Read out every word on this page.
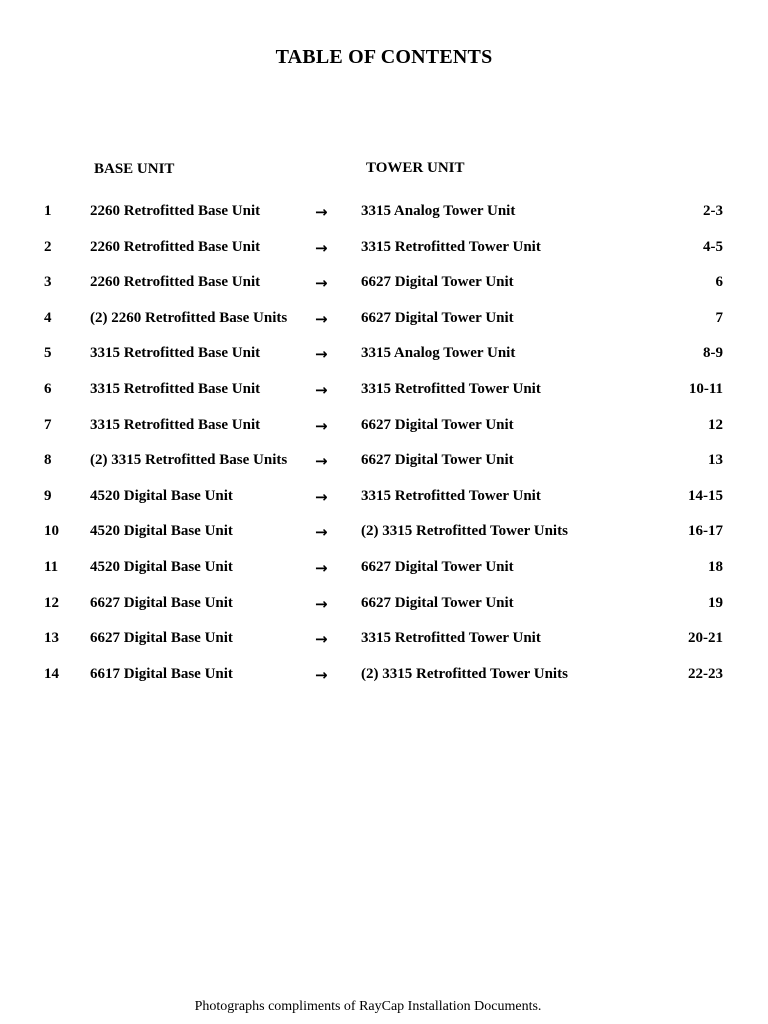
TABLE OF CONTENTS
BASE UNIT	TOWER UNIT
1	2260 Retrofitted Base Unit	→ 3315 Analog Tower Unit	2-3
2	2260 Retrofitted Base Unit	→ 3315 Retrofitted Tower Unit	4-5
3	2260 Retrofitted Base Unit	→ 6627 Digital Tower Unit	6
4	(2) 2260 Retrofitted Base Units → 6627 Digital Tower Unit	7
5	3315 Retrofitted Base Unit	→ 3315 Analog Tower Unit	8-9
6	3315 Retrofitted Base Unit	→ 3315 Retrofitted Tower Unit	10-11
7	3315 Retrofitted Base Unit	→ 6627 Digital Tower Unit	12
8	(2) 3315 Retrofitted Base Units → 6627 Digital Tower Unit	13
9	4520 Digital Base Unit	→ 3315 Retrofitted Tower Unit	14-15
10 4520 Digital Base Unit	→ (2) 3315 Retrofitted Tower Units	16-17
11 4520 Digital Base Unit	→ 6627 Digital Tower Unit	18
12 6627 Digital Base Unit	→ 6627 Digital Tower Unit	19
13 6627 Digital Base Unit	→ 3315 Retrofitted Tower Unit	20-21
14 6617 Digital Base Unit	→ (2) 3315 Retrofitted Tower Units	22-23
Photographs compliments of RayCap Installation Documents.
